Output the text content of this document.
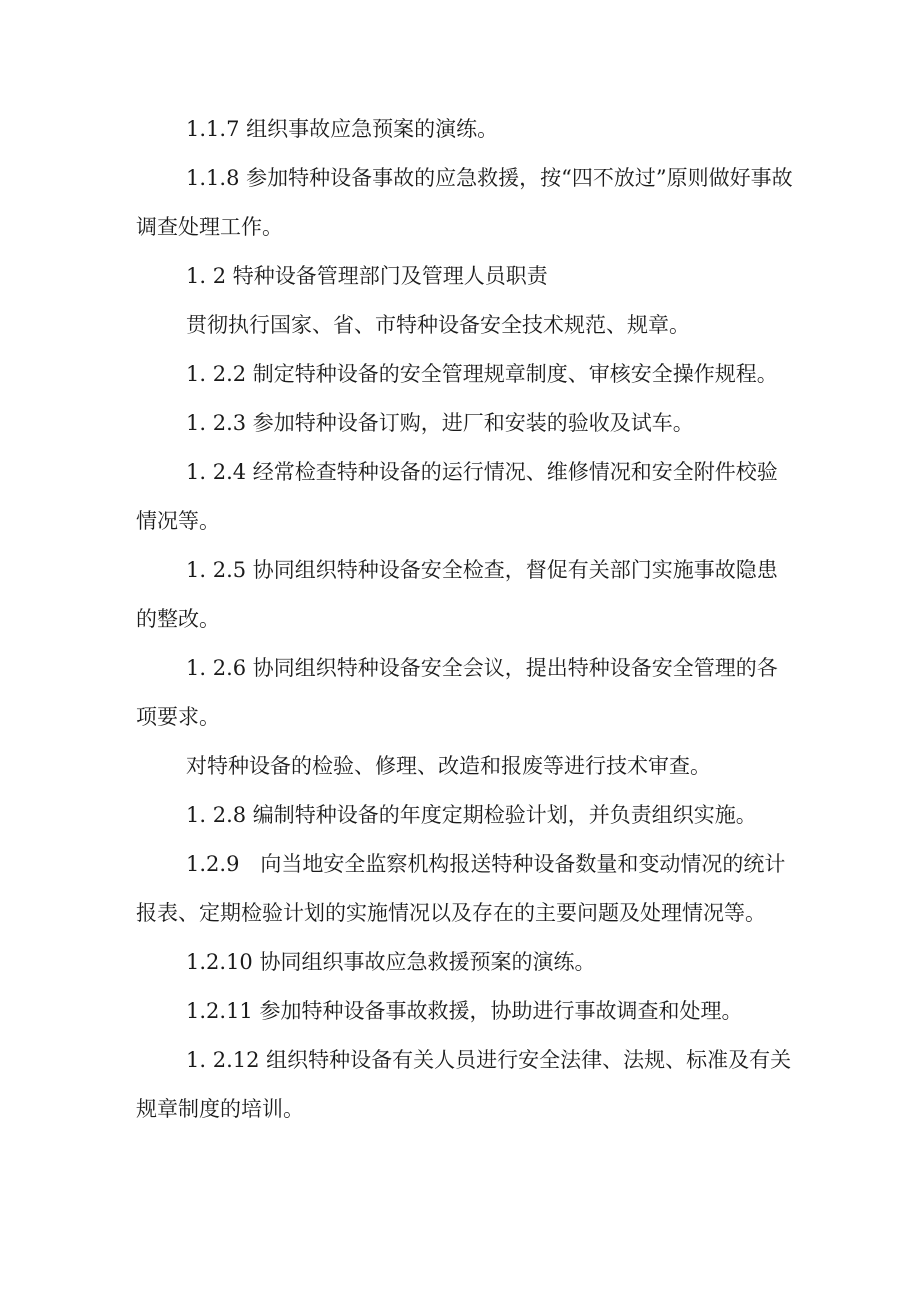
1.1.7 组织事故应急预案的演练。

1.1.8 参加特种设备事故的应急救援，按“四不放过”原则做好事故调查处理工作。

1. 2 特种设备管理部门及管理人员职责

贯彻执行国家、省、市特种设备安全技术规范、规章。

1. 2.2 制定特种设备的安全管理规章制度、审核安全操作规程。

1. 2.3 参加特种设备订购，进厂和安装的验收及试车。

1. 2.4 经常检查特种设备的运行情况、维修情况和安全附件校验情况等。

1. 2.5 协同组织特种设备安全检查，督促有关部门实施事故隐患的整改。

1. 2.6 协同组织特种设备安全会议，提出特种设备安全管理的各项要求。

对特种设备的检验、修理、改造和报废等进行技术审查。

1. 2.8 编制特种设备的年度定期检验计划，并负责组织实施。

1.2.9　向当地安全监察机构报送特种设备数量和变动情况的统计报表、定期检验计划的实施情况以及存在的主要问题及处理情况等。

1.2.10 协同组织事故应急救援预案的演练。

1.2.11 参加特种设备事故救援，协助进行事故调查和处理。

1. 2.12 组织特种设备有关人员进行安全法律、法规、标准及有关规章制度的培训。
